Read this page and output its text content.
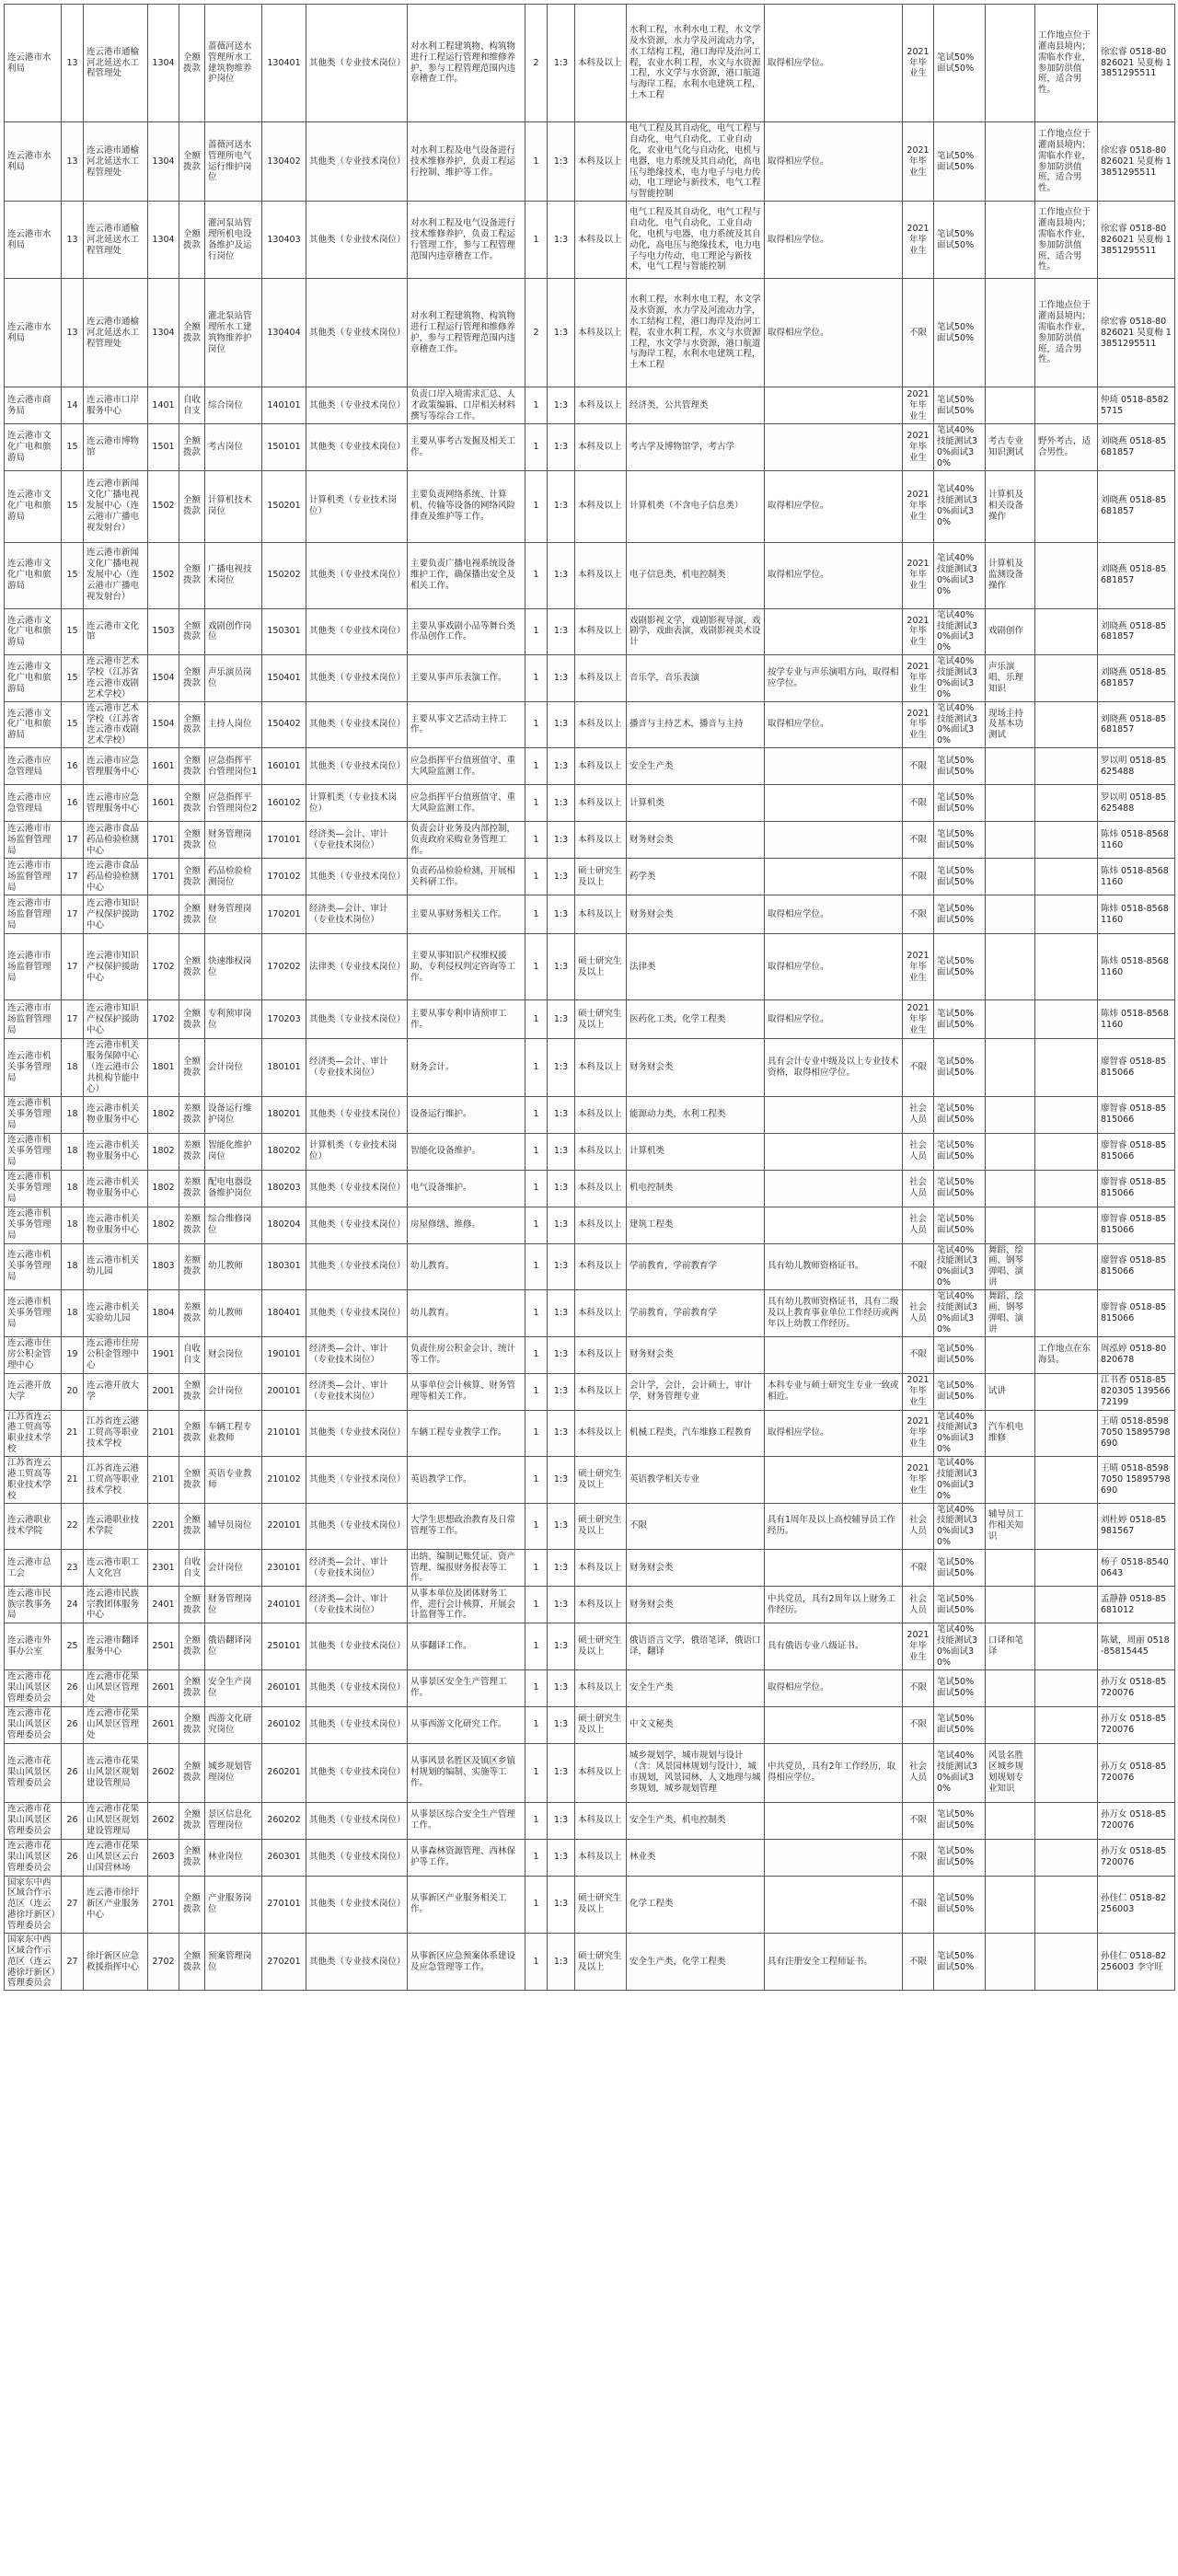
连云港市水利局	13	连云港市通榆河北延送水工程管理处	1304	全额拨款	蔷薇河送水管理所水工建筑物维养护岗位	130401	其他类（专业技术岗位）	对水利工程建筑物、构筑物进行工程运行管理和维修养护，参与工程管理范围内违章稽查工作。	2	1:3	本科及以上	水利工程，水利水电工程，水文学及水资源，水力学及河流动力学，水工结构工程，港口海岸及治河工程，农业水利工程，水文与水资源工程，水文学与水资源，港口航道与海岸工程，水利水电建筑工程，土木工程	取得相应学位。	2021年毕业生	笔试50%面试50%		工作地点位于灌南县境内；需临水作业，参加防洪值班，适合男性。	徐宏睿 0518-80826021 吴夏梅 13851295511
连云港市水利局	13	连云港市通榆河北延送水工程管理处	1304	全额拨款	蔷薇河送水管理所电气运行维护岗位	130402	其他类（专业技术岗位）	对水利工程及电气设备进行技术维修养护，负责工程运行控制、维护等工作。	1	1:3	本科及以上	电气工程及其自动化，电气工程与自动化，电气自动化，工业自动化，农业电气化与自动化，电机与电器，电力系统及其自动化，高电压与绝缘技术，电力电子与电力传动，电工理论与新技术，电气工程与智能控制	取得相应学位。	2021年毕业生	笔试50%面试50%		工作地点位于灌南县境内；需临水作业，参加防洪值班，适合男性。	徐宏睿 0518-80826021 吴夏梅 13851295511
连云港市水利局	13	连云港市通榆河北延送水工程管理处	1304	全额拨款	灌河泵站管理所机电设备维护及运行岗位	130403	其他类（专业技术岗位）	对水利工程及电气设备进行技术维修养护，负责工程运行管理工作，参与工程管理范围内违章稽查工作。	1	1:3	本科及以上	电气工程及其自动化，电气工程与自动化，电气自动化，工业自动化，电机与电器，电力系统及其自动化，高电压与绝缘技术，电力电子与电力传动，电工理论与新技术，电气工程与智能控制	取得相应学位。	2021年毕业生	笔试50%面试50%		工作地点位于灌南县境内；需临水作业，参加防洪值班，适合男性。	徐宏睿 0518-80826021 吴夏梅 13851295511
连云港市水利局	13	连云港市通榆河北延送水工程管理处	1304	全额拨款	灌北泵站管理所水工建筑物维养护岗位	130404	其他类（专业技术岗位）	对水利工程建筑物、构筑物进行工程运行管理和维修养护，参与工程管理范围内违章稽查工作。	2	1:3	本科及以上	水利工程，水利水电工程，水文学及水资源，水力学及河流动力学，水工结构工程，港口海岸及治河工程，农业水利工程，水文与水资源工程，水文学与水资源，港口航道与海岸工程，水利水电建筑工程，土木工程	取得相应学位。	不限	笔试50%面试50%		工作地点位于灌南县境内；需临水作业，参加防洪值班，适合男性。	徐宏睿 0518-80826021 吴夏梅 13851295511
连云港市商务局	14	连云港市口岸服务中心	1401	自收自支	综合岗位	140101	其他类（专业技术岗位）	负责口岸入境需求汇总、人才政策编辑、口岸相关材料撰写等综合工作。	1	1:3	本科及以上	经济类，公共管理类		2021年毕业生	笔试50%面试50%			仲琦 0518-85825715
连云港市文化广电和旅游局	15	连云港市博物馆	1501	全额拨款	考古岗位	150101	其他类（专业技术岗位）	主要从事考古发掘及相关工作。	1	1:3	本科及以上	考古学及博物馆学，考古学		2021年毕业生	笔试40%技能测试30%面试30%	考古专业知识测试	野外考古，适合男性。	刘晓燕 0518-85681857
连云港市文化广电和旅游局	15	连云港市新闻文化广播电视发展中心（连云港市广播电视发射台）	1502	全额拨款	计算机技术岗位	150201	计算机类（专业技术岗位）	主要负责网络系统、计算机、传输等设备的网络风险排查及维护等工作。	1	1:3	本科及以上	计算机类（不含电子信息类）	取得相应学位。	2021年毕业生	笔试40%技能测试30%面试30%	计算机及相关设备操作		刘晓燕 0518-85681857
连云港市文化广电和旅游局	15	连云港市新闻文化广播电视发展中心（连云港市广播电视发射台）	1502	全额拨款	广播电视技术岗位	150202	其他类（专业技术岗位）	主要负责广播电视系统设备维护工作，确保播出安全及相关工作。	1	1:3	本科及以上	电子信息类，机电控制类	取得相应学位。	2021年毕业生	笔试40%技能测试30%面试30%	计算机及监测设备操作		刘晓燕 0518-85681857
连云港市文化广电和旅游局	15	连云港市文化馆	1503	全额拨款	戏剧创作岗位	150301	其他类（专业技术岗位）	主要从事戏剧小品等舞台类作品创作工作。	1	1:3	本科及以上	戏剧影视文学，戏剧影视导演，戏剧学，戏曲表演，戏剧影视美术设计		2021年毕业生	笔试40%技能测试30%面试30%	戏剧创作		刘晓燕 0518-85681857
连云港市文化广电和旅游局	15	连云港市艺术学校（江苏省连云港市戏剧艺术学校）	1504	全额拨款	声乐演员岗位	150401	其他类（专业技术岗位）	主要从事声乐表演工作。	1	1:3	本科及以上	音乐学，音乐表演	按学专业与声乐演唱方向，取得相应学位。	2021年毕业生	笔试40%技能测试30%面试30%	声乐演唱、乐理知识		刘晓燕 0518-85681857
连云港市文化广电和旅游局	15	连云港市艺术学校（江苏省连云港市戏剧艺术学校）	1504	全额拨款	主持人岗位	150402	其他类（专业技术岗位）	主要从事文艺活动主持工作。	1	1:3	本科及以上	播音与主持艺术，播音与主持	取得相应学位。	2021年毕业生	笔试40%技能测试30%面试30%	现场主持及基本功测试		刘晓燕 0518-85681857
连云港市应急管理局	16	连云港市应急管理服务中心	1601	全额拨款	应急指挥平台管理岗位1	160101	其他类（专业技术岗位）	应急指挥平台值班值守、重大风险监测工作。	1	1:3	本科及以上	安全生产类		不限	笔试50%面试50%			罗以明 0518-85625488
连云港市应急管理局	16	连云港市应急管理服务中心	1601	全额拨款	应急指挥平台管理岗位2	160102	计算机类（专业技术岗位）	应急指挥平台值班值守、重大风险监测工作。	1	1:3	本科及以上	计算机类		不限	笔试50%面试50%			罗以明 0518-85625488
连云港市市场监督管理局	17	连云港市食品药品检验检测中心	1701	全额拨款	财务管理岗位	170101	经济类—会计、审计（专业技术岗位）	负责会计业务及内部控制，负责政府采购业务管理工作。	1	1:3	本科及以上	财务财会类		不限	笔试50%面试50%			陈炜 0518-85681160
连云港市市场监督管理局	17	连云港市食品药品检验检测中心	1701	全额拨款	药品检验检测岗位	170102	其他类（专业技术岗位）	负责药品检验检测，开展相关科研工作。	1	1:3	硕士研究生及以上	药学类		不限	笔试50%面试50%			陈炜 0518-85681160
连云港市市场监督管理局	17	连云港市知识产权保护援助中心	1702	全额拨款	财务管理岗位	170201	经济类—会计、审计（专业技术岗位）	主要从事财务相关工作。	1	1:3	本科及以上	财务财会类	取得相应学位。	不限	笔试50%面试50%			陈炜 0518-85681160
连云港市市场监督管理局	17	连云港市知识产权保护援助中心	1702	全额拨款	快速维权岗位	170202	法律类（专业技术岗位）	主要从事知识产权维权援助、专利侵权判定咨询等工作。	1	1:3	硕士研究生及以上	法律类	取得相应学位。	2021年毕业生	笔试50%面试50%			陈炜 0518-85681160
连云港市市场监督管理局	17	连云港市知识产权保护援助中心	1702	全额拨款	专利预审岗位	170203	其他类（专业技术岗位）	主要从事专利申请预审工作。	1	1:3	硕士研究生及以上	医药化工类，化学工程类	取得相应学位。	2021年毕业生	笔试50%面试50%			陈炜 0518-85681160
连云港市机关事务管理局	18	连云港市机关服务保障中心（连云港市公共机构节能中心）	1801	全额拨款	会计岗位	180101	经济类—会计、审计（专业技术岗位）	财务会计。	1	1:3	本科及以上	财务财会类	具有会计专业中级及以上专业技术资格，取得相应学位。	不限	笔试50%面试50%			廖智睿 0518-85815066
连云港市机关事务管理局	18	连云港市机关物业服务中心	1802	差额拨款	设备运行维护岗位	180201	其他类（专业技术岗位）	设备运行维护。	1	1:3	本科及以上	能源动力类，水利工程类		社会人员	笔试50%面试50%			廖智睿 0518-85815066
连云港市机关事务管理局	18	连云港市机关物业服务中心	1802	差额拨款	智能化维护岗位	180202	计算机类（专业技术岗位）	智能化设备维护。	1	1:3	本科及以上	计算机类		社会人员	笔试50%面试50%			廖智睿 0518-85815066
连云港市机关事务管理局	18	连云港市机关物业服务中心	1802	差额拨款	配电电器设备维护岗位	180203	其他类（专业技术岗位）	电气设备维护。	1	1:3	本科及以上	机电控制类		社会人员	笔试50%面试50%			廖智睿 0518-85815066
连云港市机关事务管理局	18	连云港市机关物业服务中心	1802	差额拨款	综合维修岗位	180204	其他类（专业技术岗位）	房屋修缮、维修。	1	1:3	本科及以上	建筑工程类		社会人员	笔试50%面试50%			廖智睿 0518-85815066
连云港市机关事务管理局	18	连云港市机关幼儿园	1803	差额拨款	幼儿教师	180301	其他类（专业技术岗位）	幼儿教育。	1	1:3	本科及以上	学前教育，学前教育学	具有幼儿教师资格证书。	不限	笔试40%技能测试30%面试30%	舞蹈、绘画、钢琴弹唱、演讲		廖智睿 0518-85815066
连云港市机关事务管理局	18	连云港市机关实验幼儿园	1804	差额拨款	幼儿教师	180401	其他类（专业技术岗位）	幼儿教育。	1	1:3	本科及以上	学前教育，学前教育学	具有幼儿教师资格证书，具有二级及以上教育事业单位工作经历或两年以上幼教工作经历。	社会人员	笔试40%技能测试30%面试30%	舞蹈、绘画、钢琴弹唱、演讲		廖智睿 0518-85815066
连云港市住房公积金管理中心	19	连云港市住房公积金管理中心	1901	自收自支	财会岗位	190101	经济类—会计、审计（专业技术岗位）	负责住房公积金会计、统计等工作。	1	1:3	本科及以上	财务财会类		不限	笔试50%面试50%		工作地点在东海县。	周泓婷 0518-80820678
连云港开放大学	20	连云港开放大学	2001	全额拨款	会计岗位	200101	经济类—会计、审计（专业技术岗位）	从事单位会计核算、财务管理等相关工作。	1	1:3	本科及以上	会计学，会计，会计硕士，审计学，财务管理专业	本科专业与硕士研究生专业一致或相近。	2021年毕业生	笔试50%面试50%	试讲		江书香 0518-85820305 13956672199
江苏省连云港工贸高等职业技术学校	21	江苏省连云港工贸高等职业技术学校	2101	全额拨款	车辆工程专业教师	210101	其他类（专业技术岗位）	车辆工程专业教学工作。	1	1:3	本科及以上	机械工程类，汽车维修工程教育	取得相应学位。	2021年毕业生	笔试40%技能测试30%面试30%	汽车机电维修		王晴 0518-85987050 15895798690
江苏省连云港工贸高等职业技术学校	21	江苏省连云港工贸高等职业技术学校	2101	全额拨款	英语专业教师	210102	其他类（专业技术岗位）	英语教学工作。	1	1:3	硕士研究生及以上	英语教学相关专业		2021年毕业生	笔试40%技能测试30%面试30%			王晴 0518-85987050 15895798690
连云港职业技术学院	22	连云港职业技术学院	2201	全额拨款	辅导员岗位	220101	其他类（专业技术岗位）	大学生思想政治教育及日常管理等工作。	1	1:3	硕士研究生及以上	不限	具有1周年及以上高校辅导员工作经历。	社会人员	笔试40%技能测试30%面试30%	辅导员工作相关知识		刘杜婷 0518-85981567
连云港市总工会	23	连云港市职工人文化宫	2301	自收自支	会计岗位	230101	经济类—会计、审计（专业技术岗位）	出纳、编制记账凭证、资产管理、编报财务报表等工作。	1	1:3	本科及以上	财务财会类		不限	笔试50%面试50%			杨子 0518-85400643
连云港市民族宗教事务局	24	连云港市民族宗教团体服务中心	2401	全额拨款	财务管理岗位	240101	经济类—会计、审计（专业技术岗位）	从事本单位及团体财务工作，进行会计核算，开展会计监督等工作。	1	1:3	本科及以上	财务财会类	中共党员，具有2周年以上财务工作经历。	社会人员	笔试50%面试50%			孟静静 0518-85681012
连云港市外事办公室	25	连云港市翻译服务中心	2501	全额拨款	俄语翻译岗位	250101	其他类（专业技术岗位）	从事翻译工作。	1	1:3	硕士研究生及以上	俄语语言文学，俄语笔译，俄语口译，翻译	具有俄语专业八级证书。	2021年毕业生	笔试40%技能测试30%面试30%	口译和笔译		陈斌，周丽 0518-85815445
连云港市花果山风景区管理委员会	26	连云港市花果山风景区管理处	2601	全额拨款	安全生产岗位	260101	其他类（专业技术岗位）	从事景区安全生产管理工作。	1	1:3	本科及以上	安全生产类	取得相应学位。	不限	笔试50%面试50%			孙万女 0518-85720076
连云港市花果山风景区管理委员会	26	连云港市花果山风景区管理处	2601	全额拨款	西游文化研究岗位	260102	其他类（专业技术岗位）	从事西游文化研究工作。	1	1:3	硕士研究生及以上	中文文秘类		不限	笔试50%面试50%			孙万女 0518-85720076
连云港市花果山风景区管理委员会	26	连云港市花果山风景区规划建设管理局	2602	全额拨款	城乡规划管理岗位	260201	其他类（专业技术岗位）	从事风景名胜区及镇区乡镇村规划的编制、实施等工作。	1	1:3	本科及以上	城乡规划学，城市规划与设计（含：风景园林规划与设计），城市规划，风景园林，人文地理与城乡规划，城乡规划管理	中共党员，具有2年工作经历，取得相应学位。	社会人员	笔试40%技能测试30%面试30%	风景名胜区城乡规划规划专业知识		孙万女 0518-85720076
连云港市花果山风景区管理委员会	26	连云港市花果山风景区规划建设管理局	2602	全额拨款	景区信息化管理岗位	260202	其他类（专业技术岗位）	从事景区综合安全生产管理工作。	1	1:3	本科及以上	安全生产类，机电控制类		不限	笔试50%面试50%			孙万女 0518-85720076
连云港市花果山风景区管理委员会	26	连云港市花果山风景区云台山国营林场	2603	全额拨款	林业岗位	260301	其他类（专业技术岗位）	从事森林资源管理、西林保护等工作。	1	1:3	本科及以上	林业类		不限	笔试50%面试50%			孙万女 0518-85720076
国家东中西区域合作示范区（连云港徐圩新区）管理委员会	27	连云港市徐圩新区产业服务中心	2701	全额拨款	产业服务岗位	270101	其他类（专业技术岗位）	从事新区产业服务相关工作。	1	1:3	硕士研究生及以上	化学工程类		不限	笔试50%面试50%			孙佳仁 0518-82256003
国家东中西区域合作示范区（连云港徐圩新区）管理委员会	27	徐圩新区应急救援指挥中心	2702	全额拨款	预案管理岗位	270201	其他类（专业技术岗位）	从事新区应急预案体系建设及应急管理等工作。	1	1:3	硕士研究生及以上	安全生产类，化学工程类	具有注册安全工程师证书。	不限	笔试50%面试50%			孙佳仁 0518-82256003 李守旺
